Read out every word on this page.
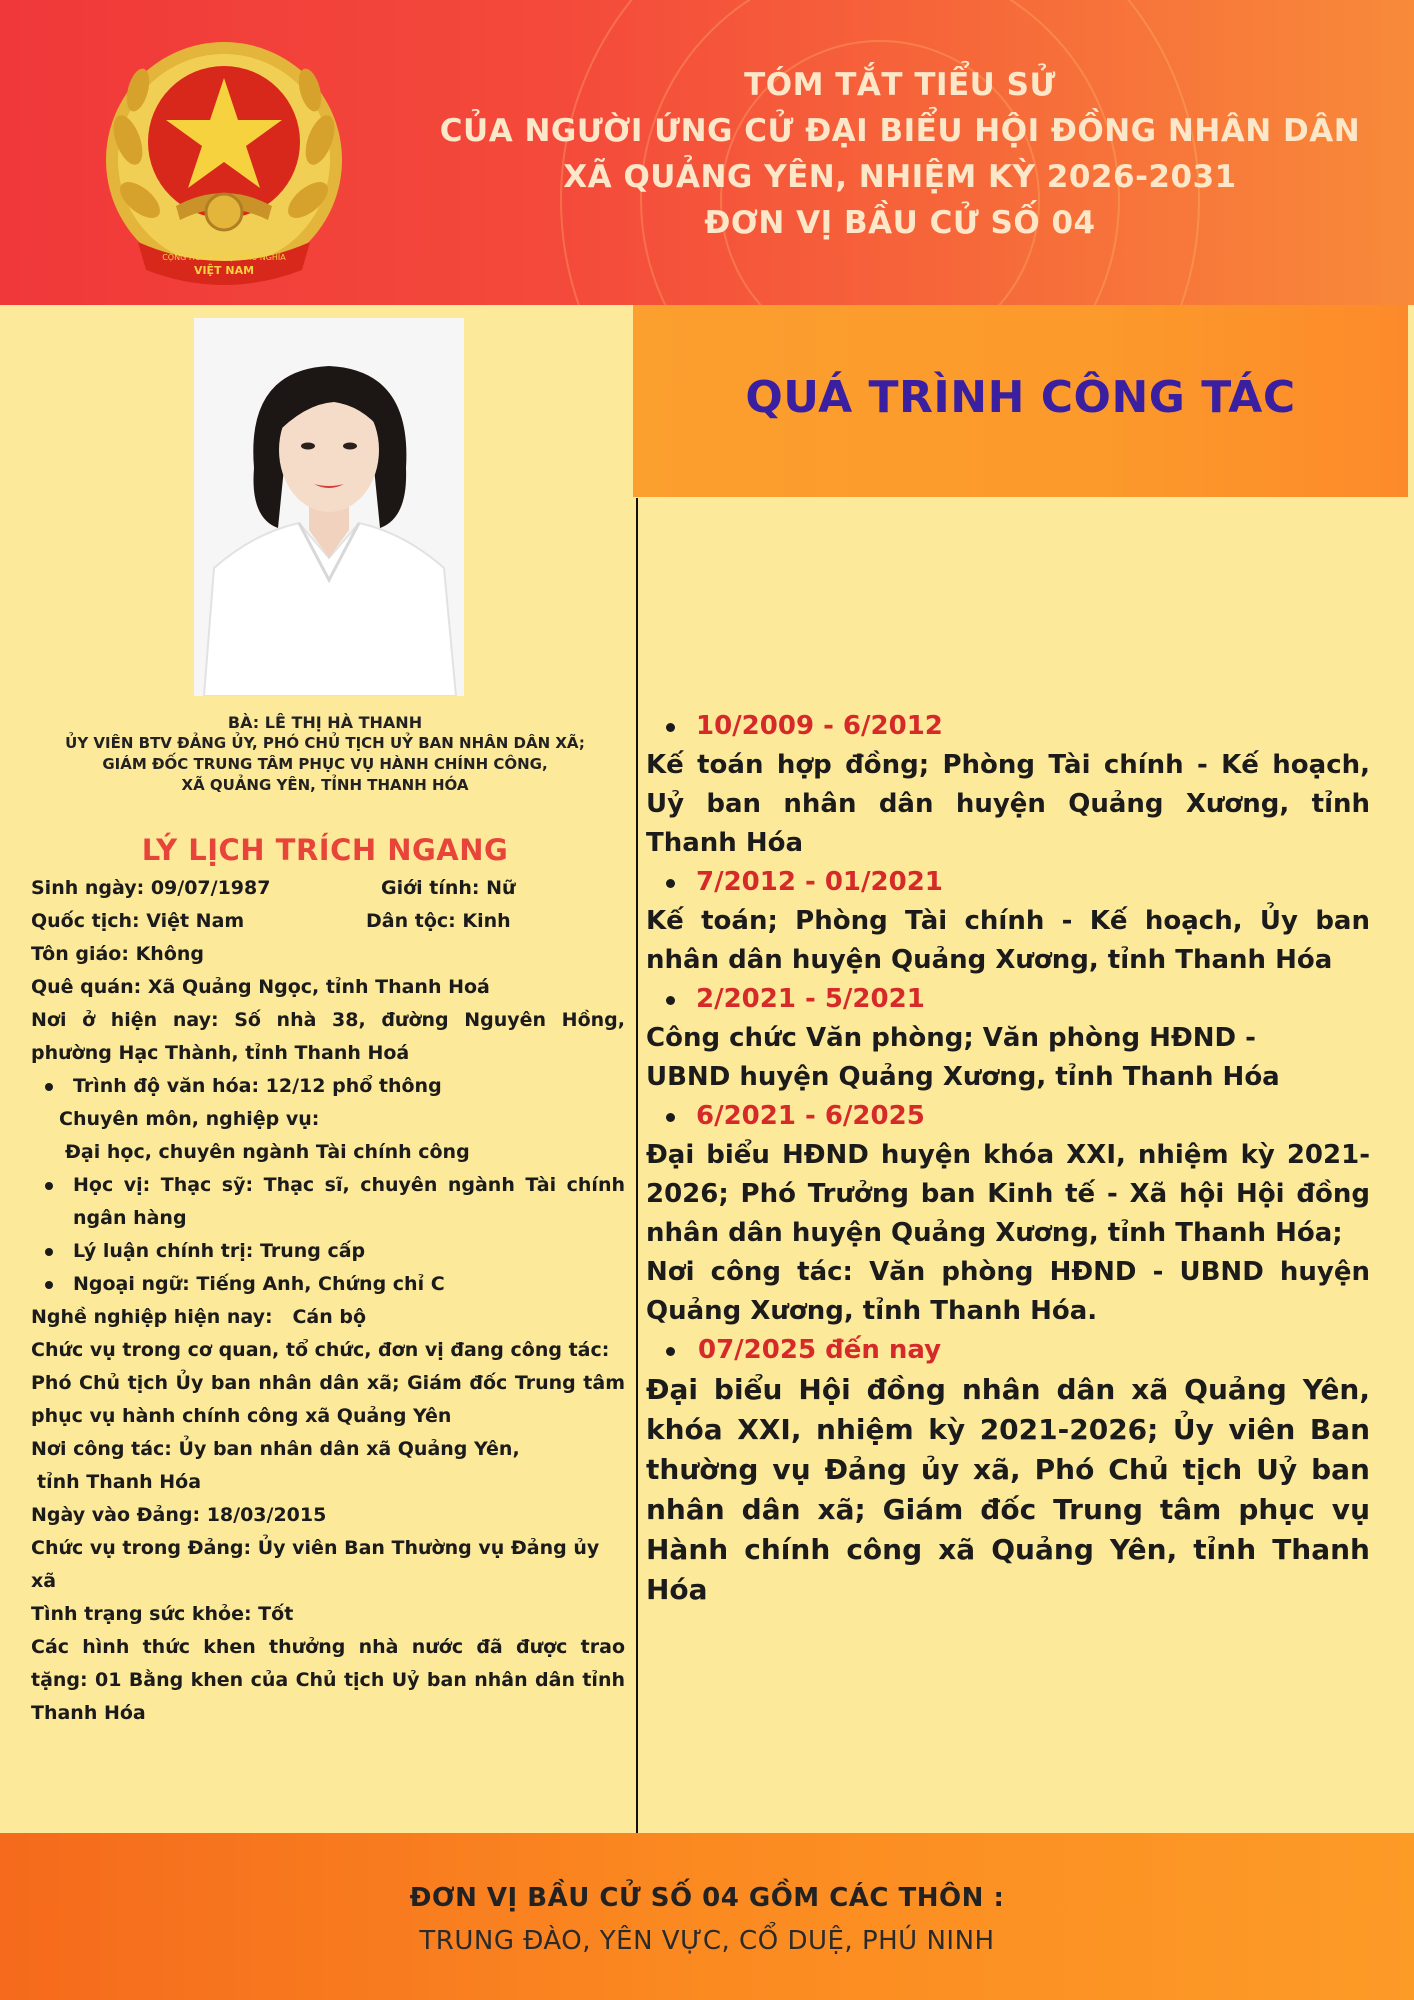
CỘNG HÒA XÃ HỘI CHỦ NGHĨA
VIỆT NAM
TÓM TẮT TIỂU SỬ
CỦA NGƯỜI ỨNG CỬ ĐẠI BIỂU HỘI ĐỒNG NHÂN DÂN
XÃ QUẢNG YÊN, NHIỆM KỲ 2026-2031
ĐƠN VỊ BẦU CỬ SỐ 04
QUÁ TRÌNH CÔNG TÁC
BÀ: LÊ THỊ HÀ THANH
ỦY VIÊN BTV ĐẢNG ỦY, PHÓ CHỦ TỊCH UỶ BAN NHÂN DÂN XÃ;
GIÁM ĐỐC TRUNG TÂM PHỤC VỤ HÀNH CHÍNH CÔNG,
XÃ QUẢNG YÊN, TỈNH THANH HÓA
LÝ LỊCH TRÍCH NGANG
Sinh ngày: 09/07/1987	Giới tính: Nữ
Quốc tịch: Việt Nam	Dân tộc: Kinh
Tôn giáo: Không
Quê quán: Xã Quảng Ngọc, tỉnh Thanh Hoá
Nơi ở hiện nay: Số nhà 38, đường Nguyên Hồng, phường Hạc Thành, tỉnh Thanh Hoá
Trình độ văn hóa: 12/12 phổ thông
Chuyên môn, nghiệp vụ:
Đại học, chuyên ngành Tài chính công
Học vị: Thạc sỹ: Thạc sĩ, chuyên ngành Tài chính ngân hàng
Lý luận chính trị: Trung cấp
Ngoại ngữ: Tiếng Anh, Chứng chỉ C
Nghề nghiệp hiện nay:   Cán bộ
Chức vụ trong cơ quan, tổ chức, đơn vị đang công tác:
Phó Chủ tịch Ủy ban nhân dân xã; Giám đốc Trung tâm phục vụ hành chính công xã Quảng Yên
Nơi công tác: Ủy ban nhân dân xã Quảng Yên,
tỉnh Thanh Hóa
Ngày vào Đảng: 18/03/2015
Chức vụ trong Đảng: Ủy viên Ban Thường vụ Đảng ủy xã
Tình trạng sức khỏe: Tốt
Các hình thức khen thưởng nhà nước đã được trao tặng: 01 Bằng khen của Chủ tịch Uỷ ban nhân dân tỉnh Thanh Hóa
10/2009 - 6/2012
Kế toán hợp đồng; Phòng Tài chính - Kế hoạch, Uỷ ban nhân dân huyện Quảng Xương, tỉnh Thanh Hóa
7/2012 - 01/2021
Kế toán; Phòng Tài chính - Kế hoạch, Ủy ban nhân dân huyện Quảng Xương, tỉnh Thanh Hóa
2/2021 - 5/2021
Công chức Văn phòng; Văn phòng HĐND - UBND huyện Quảng Xương, tỉnh Thanh Hóa
6/2021 - 6/2025
Đại biểu HĐND huyện khóa XXI, nhiệm kỳ 2021-2026; Phó Trưởng ban Kinh tế - Xã hội Hội đồng nhân dân huyện Quảng Xương, tỉnh Thanh Hóa;
Nơi công tác: Văn phòng HĐND - UBND huyện Quảng Xương, tỉnh Thanh Hóa.
07/2025 đến nay
Đại biểu Hội đồng nhân dân xã Quảng Yên, khóa XXI, nhiệm kỳ 2021-2026; Ủy viên Ban thường vụ Đảng ủy xã, Phó Chủ tịch Uỷ ban nhân dân xã; Giám đốc Trung tâm phục vụ Hành chính công xã Quảng Yên, tỉnh Thanh Hóa
ĐƠN VỊ BẦU CỬ SỐ 04 GỒM CÁC THÔN :
TRUNG ĐÀO, YÊN VỰC, CỔ DUỆ, PHÚ NINH
